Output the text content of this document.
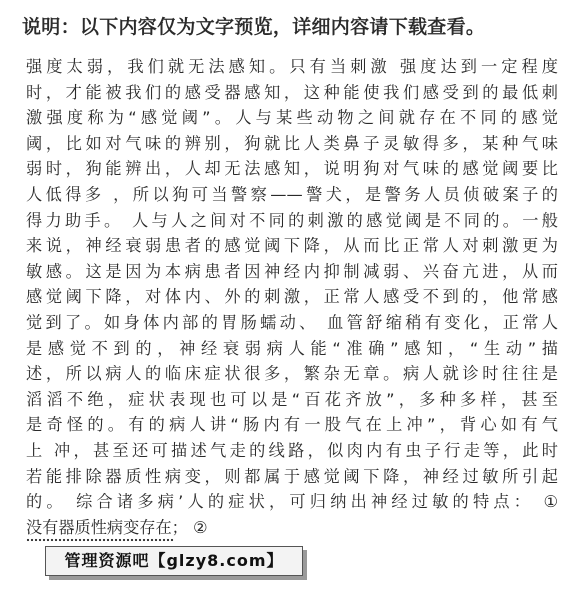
说明：以下内容仅为文字预览，详细内容请下载查看。
强度太弱，我们就无法感知。只有当刺激 强度达到一定程度
时，才能被我们的感受器感知，这种能使我们感受到的最低刺
激强度称为“感觉阈”。人与某些动物之间就存在不同的感觉
阈，比如对气味的辨别，狗就比人类鼻子灵敏得多，某种气味
弱时，狗能辨出，人却无法感知，说明狗对气味的感觉阈要比
人低得多 ，所以狗可当警察——警犬，是警务人员侦破案子的
得力助手。 人与人之间对不同的刺激的感觉阈是不同的。一般
来说，神经衰弱患者的感觉阈下降，从而比正常人对刺激更为
敏感。这是因为本病患者因神经内抑制减弱、兴奋亢进，从而
感觉阈下降，对体内、外的刺激，正常人感受不到的，他常感
觉到了。如身体内部的胃肠蠕动、 血管舒缩稍有变化，正常人
是感觉不到的，神经衰弱病人能“准确”感知，“生动”描
述，所以病人的临床症状很多，繁杂无章。病人就诊时往往是
滔滔不绝，症状表现也可以是“百花齐放”，多种多样，甚至
是奇怪的。有的病人讲“肠内有一股气在上冲”，背心如有气
上 冲，甚至还可描述气走的线路，似肉内有虫子行走等，此时
若能排除器质性病变，则都属于感觉阈下降，神经过敏所引起
的。 综合诸多病’人的症状，可归纳出神经过敏的特点： ①
没有器质性病变存在； ②
管理资源吧【glzy8.com】
